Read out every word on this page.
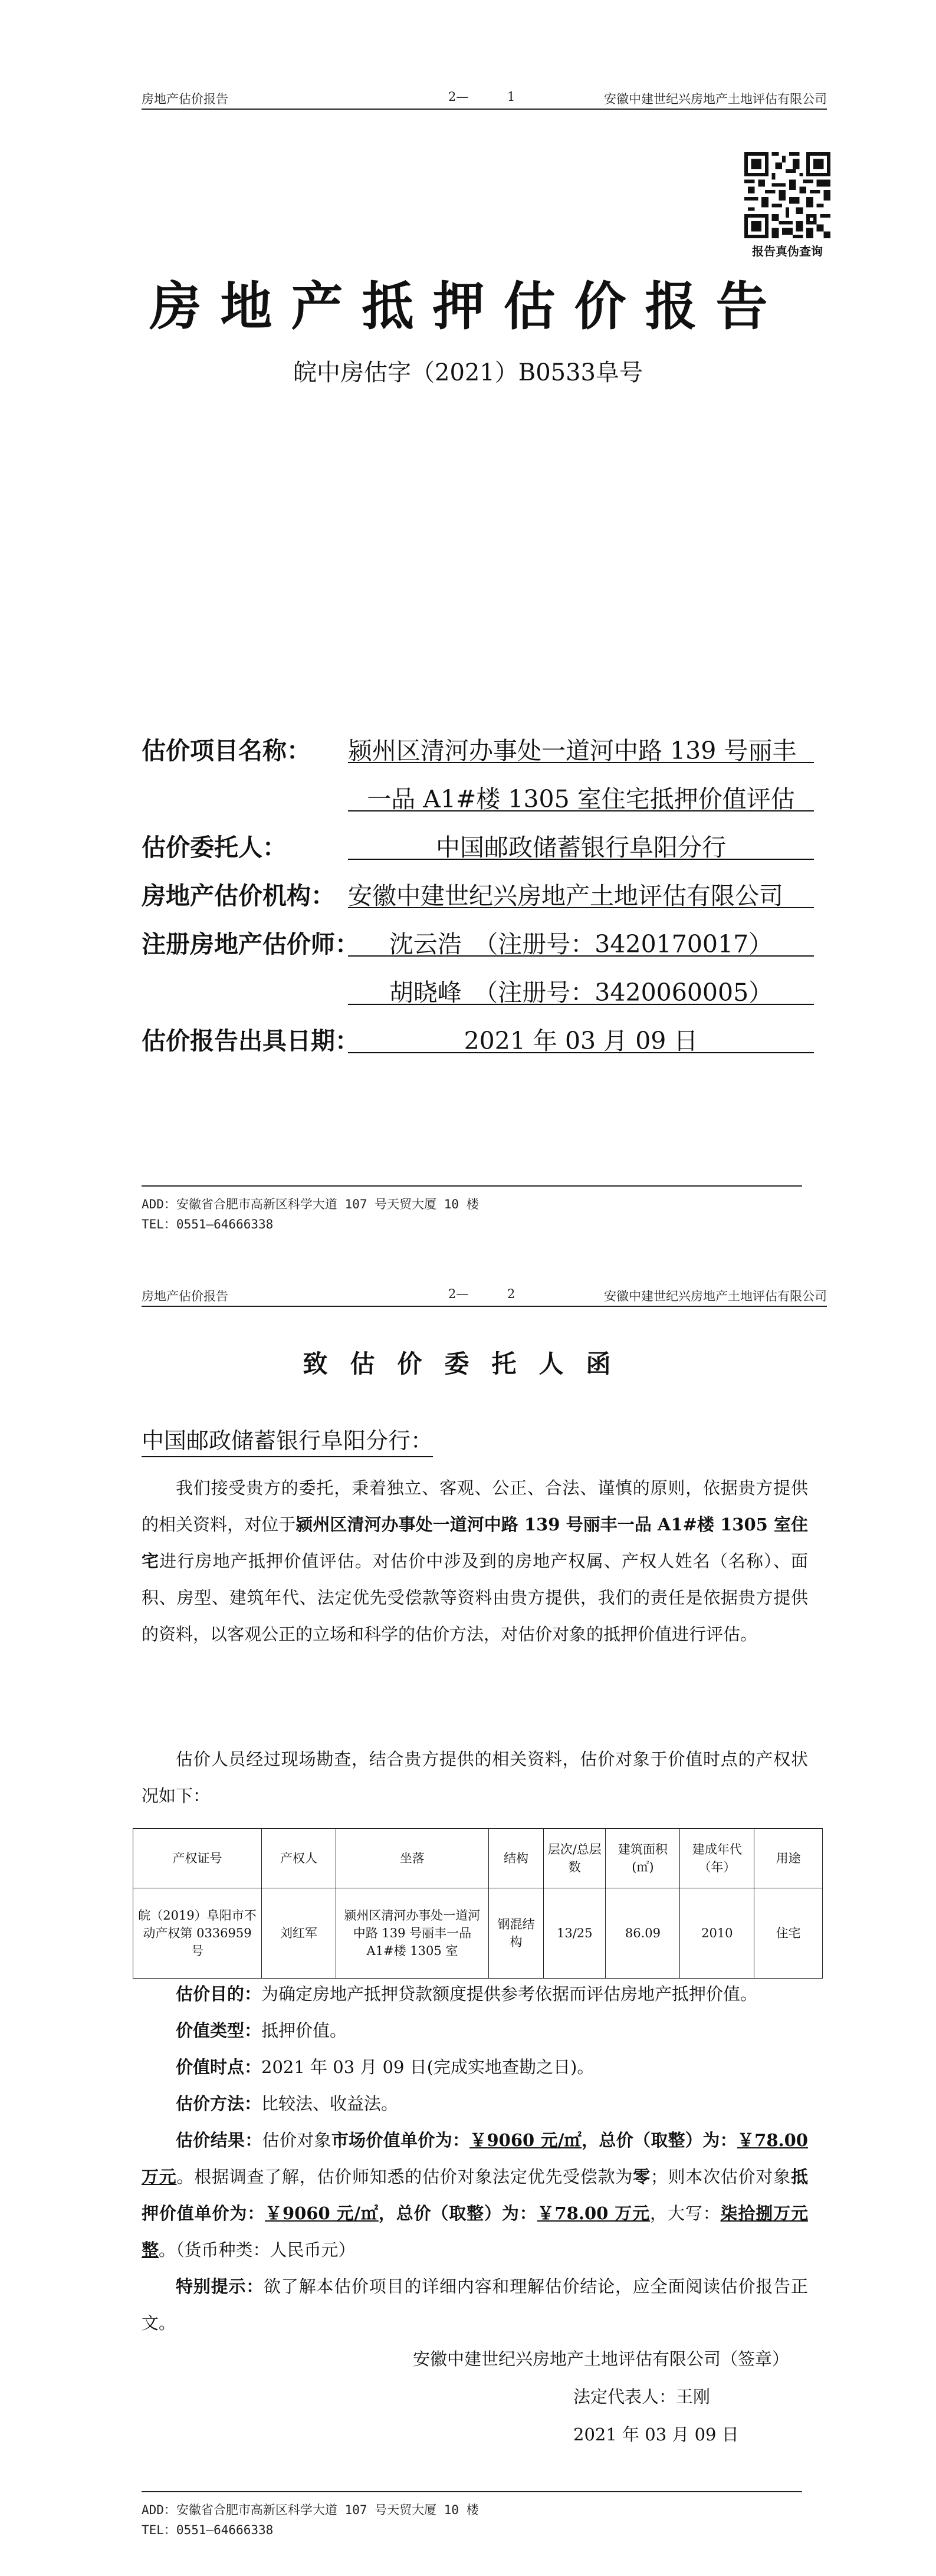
房地产估价报告	2—	1	安徽中建世纪兴房地产土地评估有限公司
报告真伪查询
房地产抵押估价报告
皖中房估字（2021）B0533阜号
估价项目名称：	颍州区清河办事处一道河中路 139 号丽丰
一品 A1#楼 1305 室住宅抵押价值评估
估价委托人：	中国邮政储蓄银行阜阳分行
房地产估价机构： 安徽中建世纪兴房地产土地评估有限公司
注册房地产估价师：	沈云浩　（注册号：3420170017）
胡晓峰　（注册号：3420060005）
估价报告出具日期：	2021 年 03 月 09 日
ADD：安徽省合肥市高新区科学大道 107 号天贸大厦 10 楼
TEL：0551—64666338
房地产估价报告	2—	2	安徽中建世纪兴房地产土地评估有限公司
致估价委托人函
中国邮政储蓄银行阜阳分行：
我们接受贵方的委托，秉着独立、客观、公正、合法、谨慎的原则，依据贵方提供的相关资料，对位于颍州区清河办事处一道河中路 139 号丽丰一品 A1#楼 1305 室住宅进行房地产抵押价值评估。对估价中涉及到的房地产权属、产权人姓名（名称）、面积、房型、建筑年代、法定优先受偿款等资料由贵方提供，我们的责任是依据贵方提供的资料，以客观公正的立场和科学的估价方法，对估价对象的抵押价值进行评估。
估价人员经过现场勘查，结合贵方提供的相关资料，估价对象于价值时点的产权状况如下：
产权证号	产权人	坐落	结构	层次/总层数	建筑面积(㎡)	建成年代（年）	用途
皖（2019）阜阳市不动产权第 0336959 号	刘红军	颍州区清河办事处一道河中路 139 号丽丰一品 A1#楼 1305 室	钢混结构	13/25	86.09	2010	住宅
估价目的：为确定房地产抵押贷款额度提供参考依据而评估房地产抵押价值。
价值类型：抵押价值。
价值时点：2021 年 03 月 09 日(完成实地查勘之日)。
估价方法：比较法、收益法。
估价结果：估价对象市场价值单价为：￥9060 元/㎡，总价（取整）为：￥78.00 万元。根据调查了解，估价师知悉的估价对象法定优先受偿款为零；则本次估价对象抵押价值单价为：￥9060 元/㎡，总价（取整）为：￥78.00 万元，大写：柒拾捌万元整。（货币种类：人民币元）
特别提示：欲了解本估价项目的详细内容和理解估价结论，应全面阅读估价报告正文。
安徽中建世纪兴房地产土地评估有限公司（签章）
法定代表人：王刚
2021 年 03 月 09 日
ADD：安徽省合肥市高新区科学大道 107 号天贸大厦 10 楼
TEL：0551—64666338
